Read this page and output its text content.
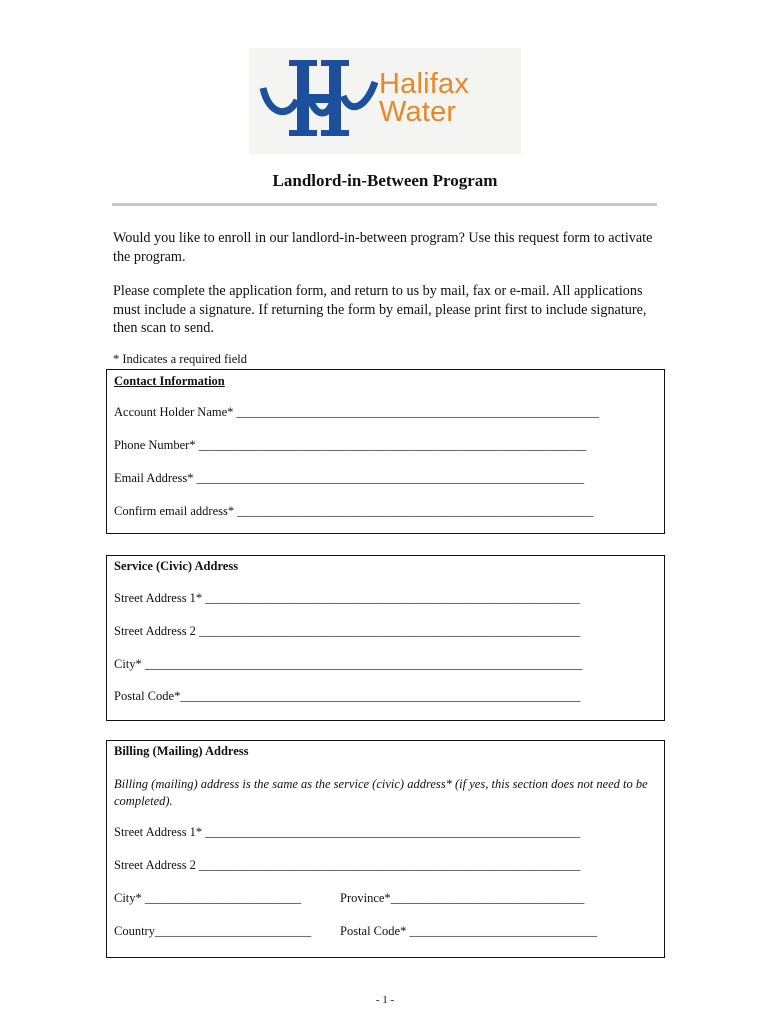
Halifax
Water
Landlord-in-Between Program
Would you like to enroll in our landlord-in-between program? Use this request form to activate the program.
Please complete the application form, and return to us by mail, fax or e-mail. All applications must include a signature. If returning the form by email, please print first to include signature, then scan to send.
* Indicates a required field
Contact Information
Account Holder Name* __________________________________________________________
Phone Number* ______________________________________________________________
Email Address* ______________________________________________________________
Confirm email address* _________________________________________________________
Service (Civic) Address
Street Address 1* ____________________________________________________________
Street Address 2 _____________________________________________________________
City* ______________________________________________________________________
Postal Code*________________________________________________________________
Billing (Mailing) Address
Billing (mailing) address is the same as the service (civic) address* (if yes, this section does not need to be completed).
Street Address 1* ____________________________________________________________
Street Address 2 _____________________________________________________________
City* _________________________	Province*_______________________________
Country_________________________ Postal Code* ______________________________
- 1 -
